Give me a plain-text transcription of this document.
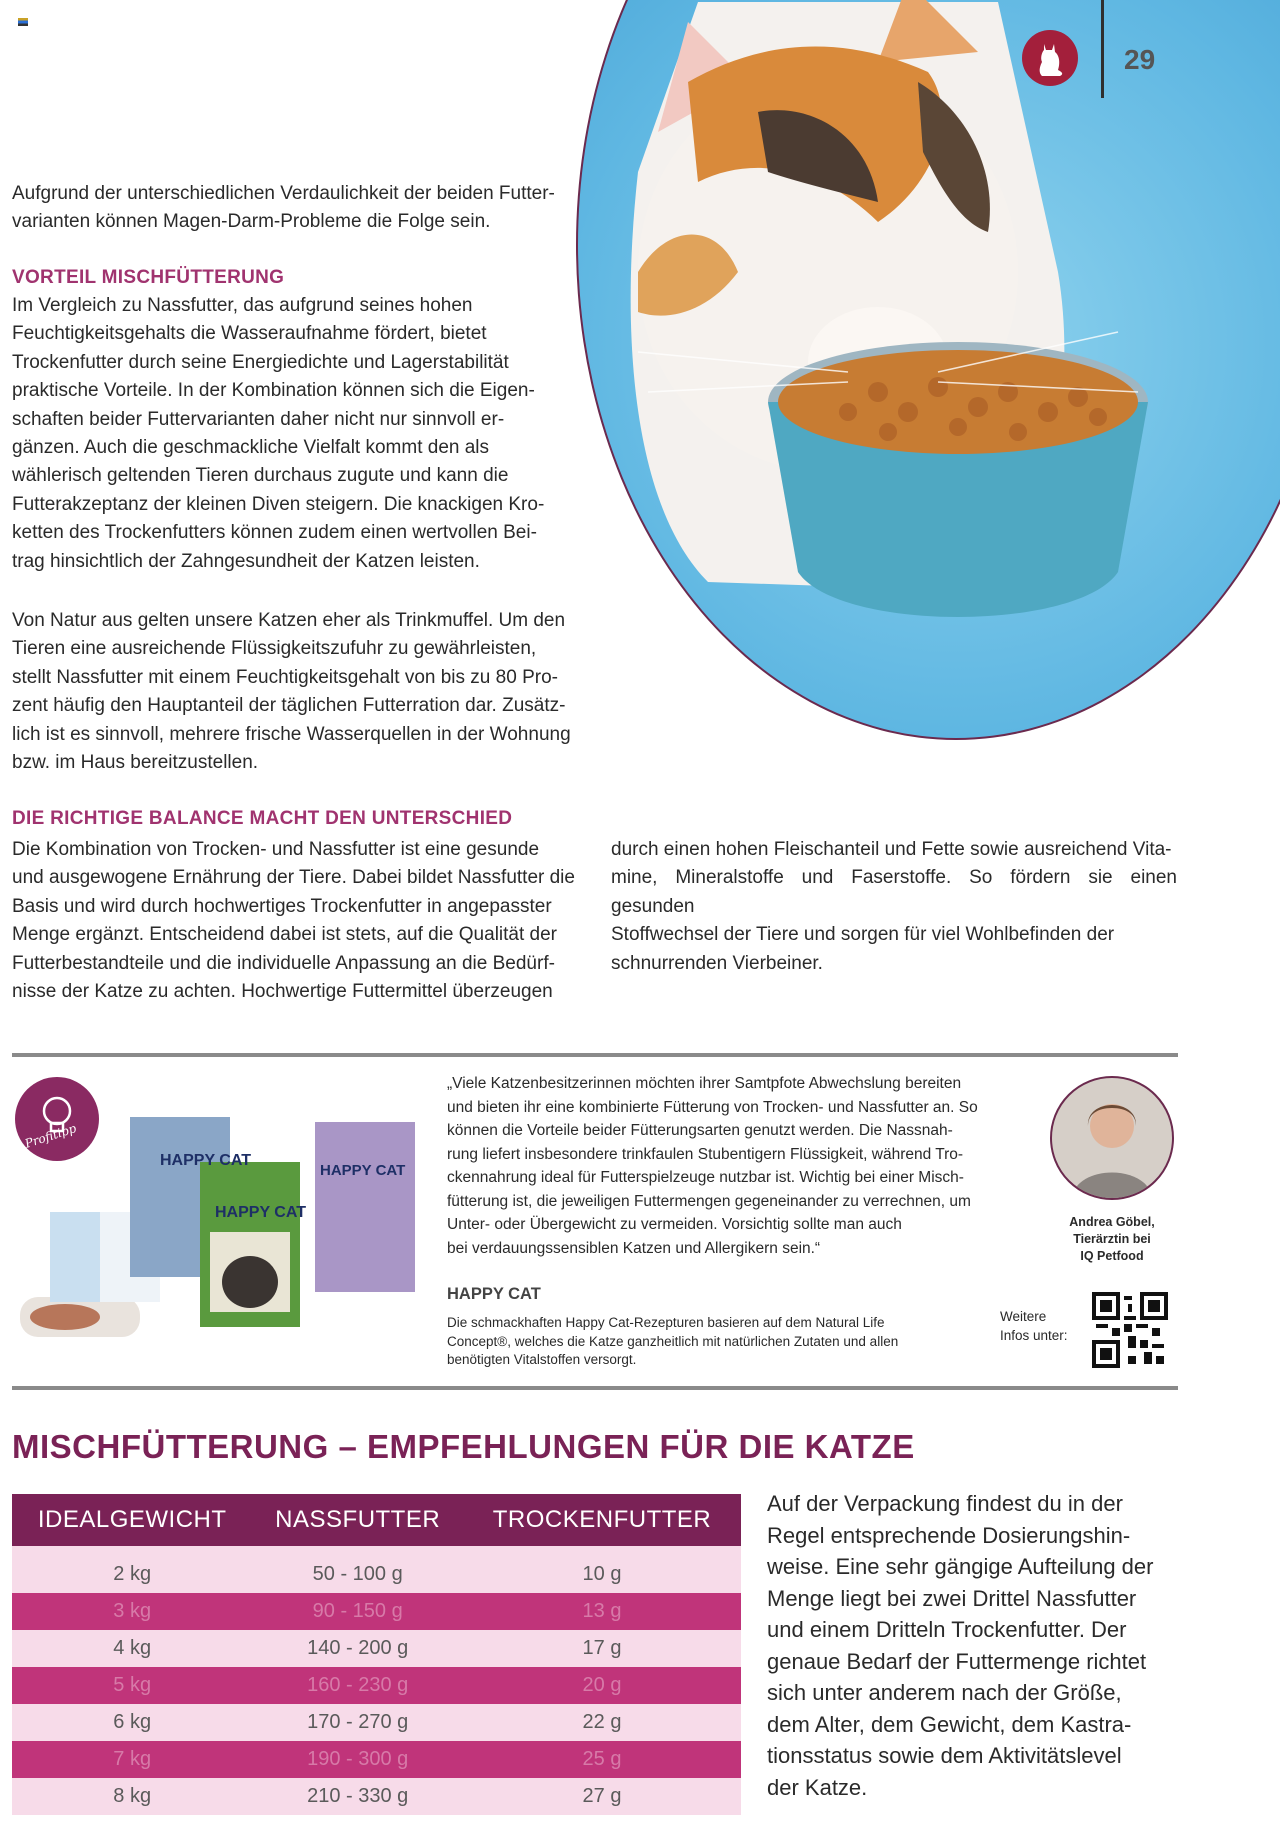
29
Aufgrund der unterschiedlichen Verdaulichkeit der beiden Futter-
varianten können Magen-Darm-Probleme die Folge sein.
VORTEIL MISCHFÜTTERUNG
Im Vergleich zu Nassfutter, das aufgrund seines hohen
Feuchtigkeitsgehalts die Wasseraufnahme fördert, bietet
Trockenfutter durch seine Energiedichte und Lagerstabilität
praktische Vorteile. In der Kombination können sich die Eigen-
schaften beider Futtervarianten daher nicht nur sinnvoll er-
gänzen. Auch die geschmackliche Vielfalt kommt den als
wählerisch geltenden Tieren durchaus zugute und kann die
Futterakzeptanz der kleinen Diven steigern. Die knackigen Kro-
ketten des Trockenfutters können zudem einen wertvollen Bei-
trag hinsichtlich der Zahngesundheit der Katzen leisten.
Von Natur aus gelten unsere Katzen eher als Trinkmuffel. Um den
Tieren eine ausreichende Flüssigkeitszufuhr zu gewährleisten,
stellt Nassfutter mit einem Feuchtigkeitsgehalt von bis zu 80 Pro-
zent häufig den Hauptanteil der täglichen Futterration dar. Zusätz-
lich ist es sinnvoll, mehrere frische Wasserquellen in der Wohnung
bzw. im Haus bereitzustellen.
DIE RICHTIGE BALANCE MACHT DEN UNTERSCHIED
Die Kombination von Trocken- und Nassfutter ist eine gesunde
und ausgewogene Ernährung der Tiere. Dabei bildet Nassfutter die
Basis und wird durch hochwertiges Trockenfutter in angepasster
Menge ergänzt. Entscheidend dabei ist stets, auf die Qualität der
Futterbestandteile und die individuelle Anpassung an die Bedürf-
nisse der Katze zu achten. Hochwertige Futtermittel überzeugen
durch einen hohen Fleischanteil und Fette sowie ausreichend Vita-
mine, Mineralstoffe und Faserstoffe. So fördern sie einen gesunden
Stoffwechsel der Tiere und sorgen für viel Wohlbefinden der
schnurrenden Vierbeiner.
Profitipp
HAPPY CAT
HAPPY CAT
HAPPY CAT
„Viele Katzenbesitzerinnen möchten ihrer Samtpfote Abwechslung bereiten
und bieten ihr eine kombinierte Fütterung von Trocken- und Nassfutter an. So
können die Vorteile beider Fütterungsarten genutzt werden. Die Nassnah-
rung liefert insbesondere trinkfaulen Stubentigern Flüssigkeit, während Tro-
ckennahrung ideal für Futterspielzeuge nutzbar ist. Wichtig bei einer Misch-
fütterung ist, die jeweiligen Futtermengen gegeneinander zu verrechnen, um
Unter- oder Übergewicht zu vermeiden. Vorsichtig sollte man auch
bei verdauungssensiblen Katzen und Allergikern sein.“
Andrea Göbel,
Tierärztin bei
IQ Petfood
HAPPY CAT
Die schmackhaften Happy Cat-Rezepturen basieren auf dem Natural Life
Concept®, welches die Katze ganzheitlich mit natürlichen Zutaten und allen
benötigten Vitalstoffen versorgt.
Weitere
Infos unter:
MISCHFÜTTERUNG – EMPFEHLUNGEN FÜR DIE KATZE
IDEALGEWICHT	NASSFUTTER	TROCKENFUTTER

2 kg	50 - 100 g	10 g
3 kg	90 - 150 g	13 g
4 kg	140 - 200 g	17 g
5 kg	160 - 230 g	20 g
6 kg	170 - 270 g	22 g
7 kg	190 - 300 g	25 g
8 kg	210 - 330 g	27 g
Auf der Verpackung findest du in der
Regel entsprechende Dosierungshin-
weise. Eine sehr gängige Aufteilung der
Menge liegt bei zwei Drittel Nassfutter
und einem Dritteln Trockenfutter. Der
genaue Bedarf der Futtermenge richtet
sich unter anderem nach der Größe,
dem Alter, dem Gewicht, dem Kastra-
tionsstatus sowie dem Aktivitätslevel
der Katze.
